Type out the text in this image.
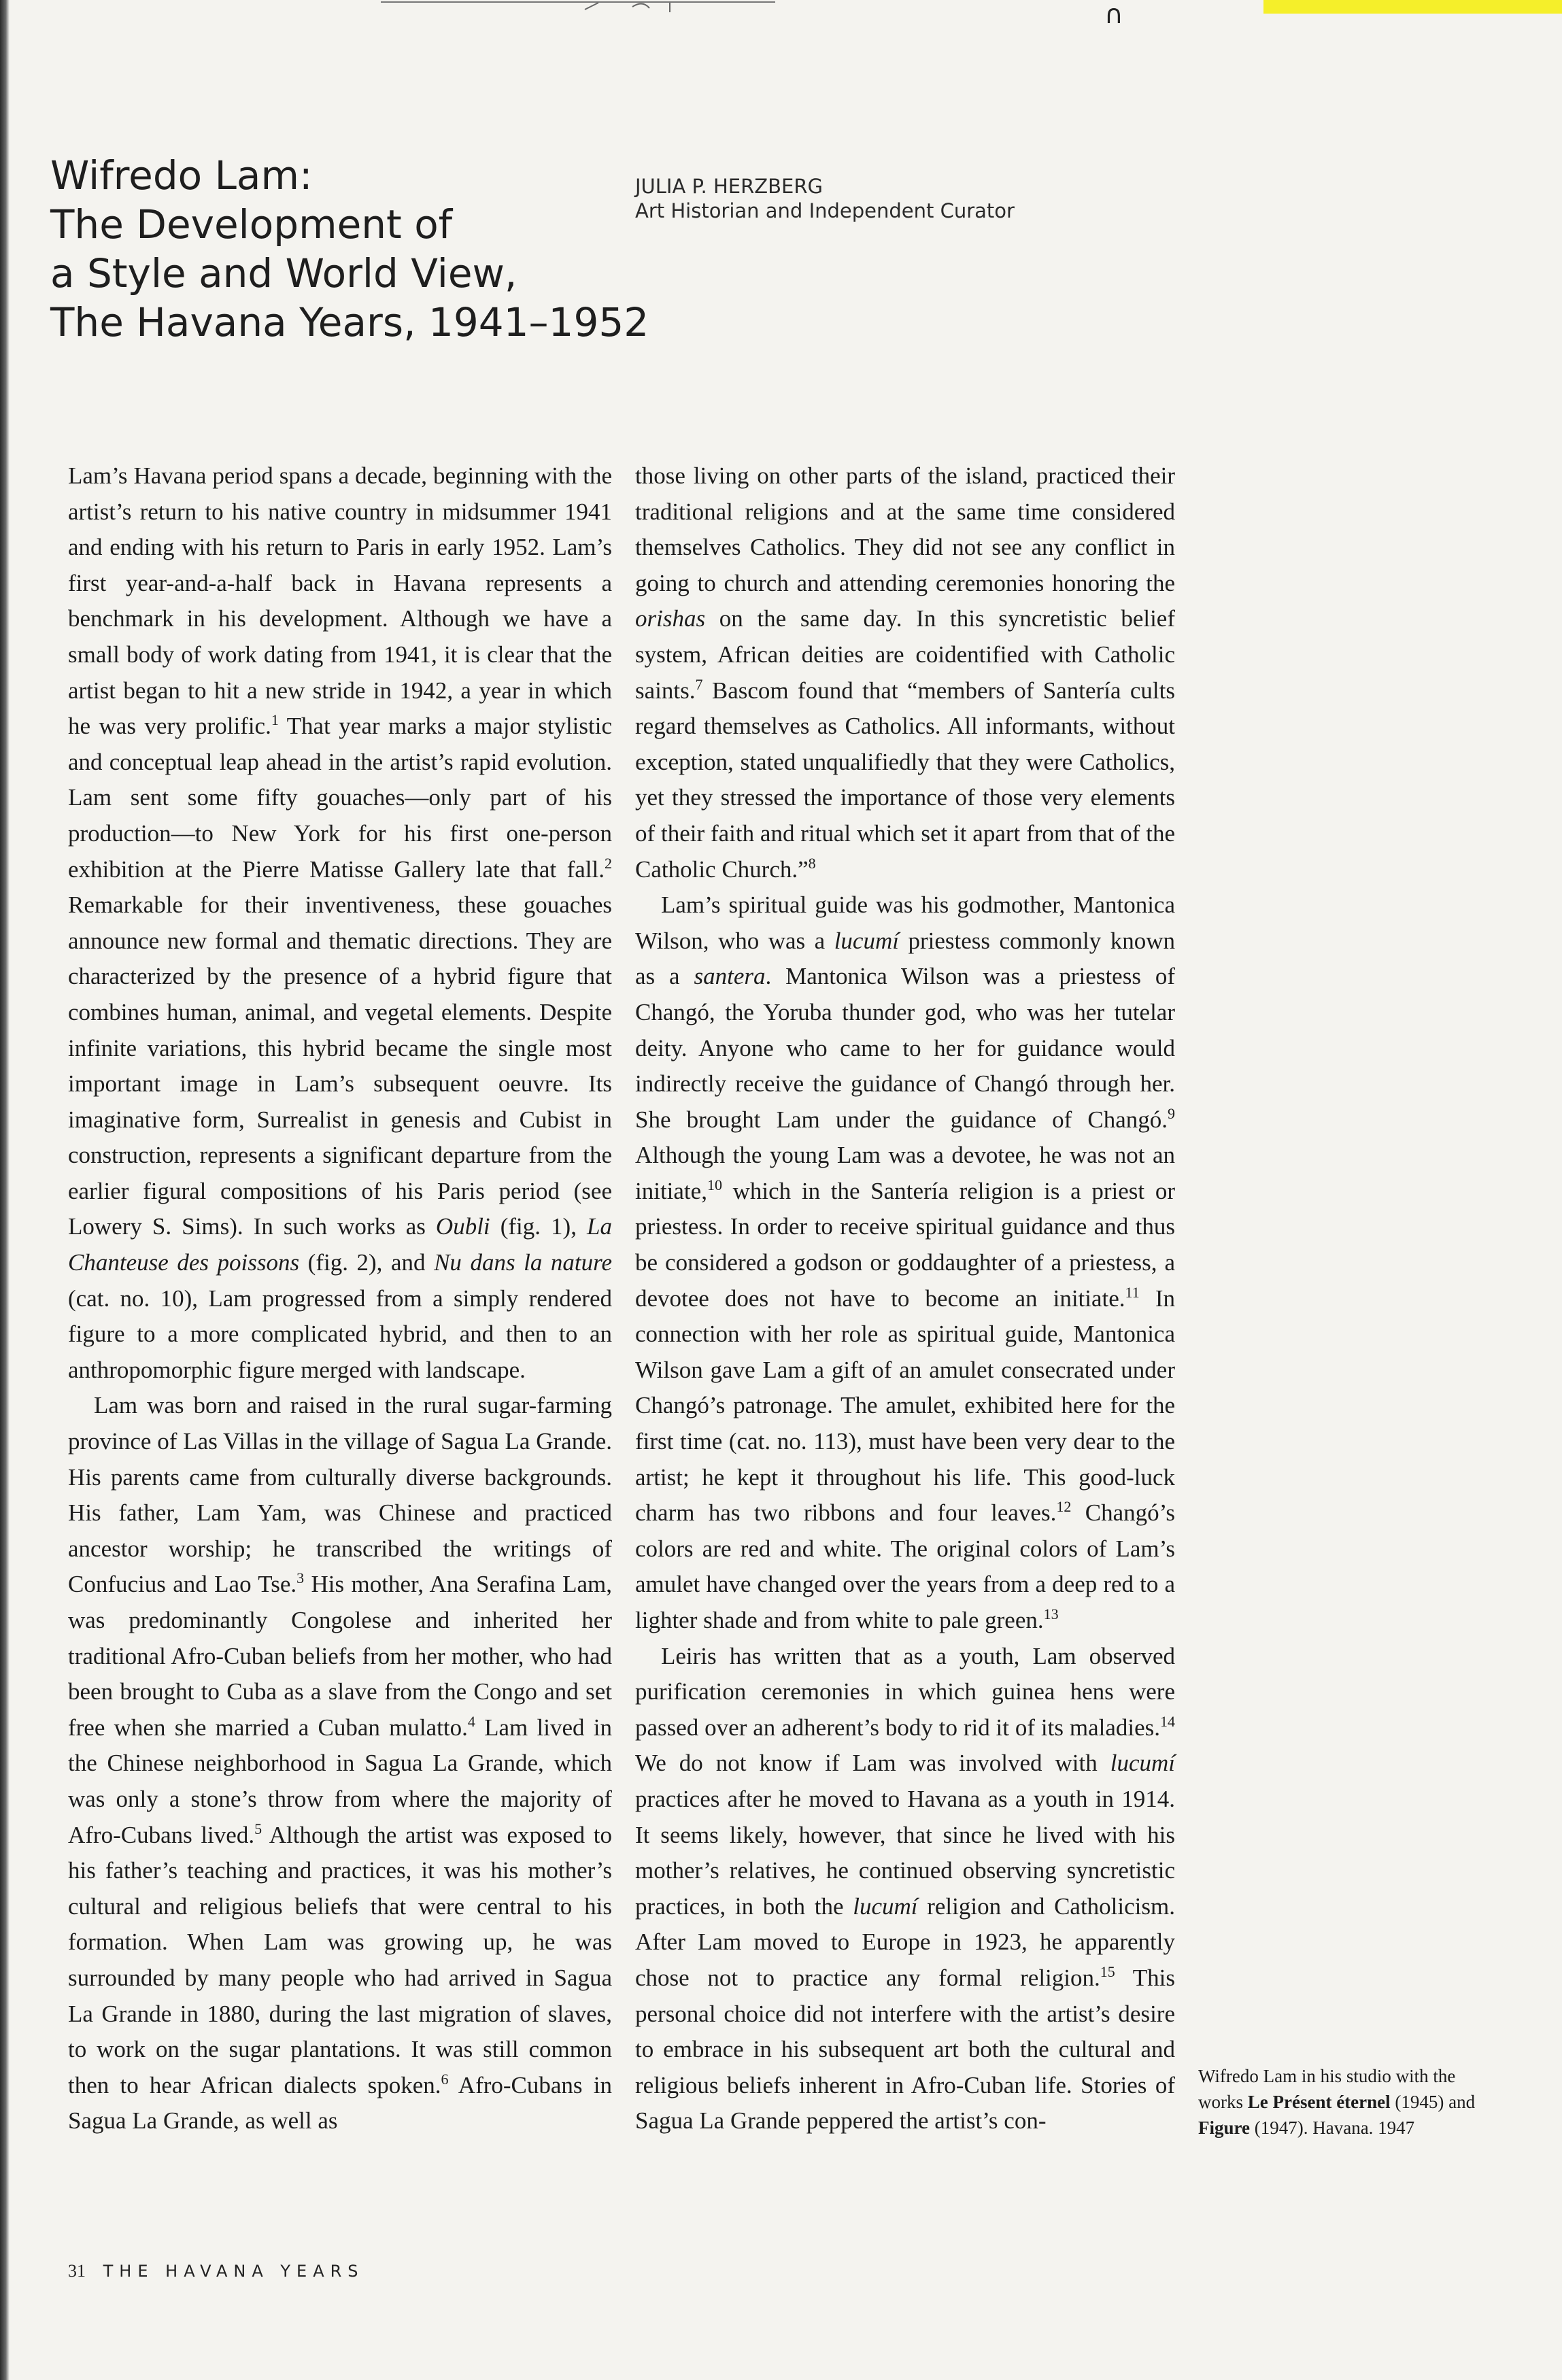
∩
Wifredo Lam:
The Development of
a Style and World View,
The Havana Years, 1941–1952
JULIA P. HERZBERG
Art Historian and Independent Curator

Lam’s Havana period spans a decade, beginning with the artist’s return to his native country in midsummer 1941 and ending with his return to Paris in early 1952. Lam’s first year-and-a-half back in Havana represents a benchmark in his development. Although we have a small body of work dating from 1941, it is clear that the artist began to hit a new stride in 1942, a year in which he was very prolific.$^1$ That year marks a major stylistic and conceptual leap ahead in the artist’s rapid evolution. Lam sent some fifty gouaches—only part of his production—to New York for his first one-person exhibition at the Pierre Matisse Gallery late that fall.$^2$ Remarkable for their inventiveness, these gouaches announce new formal and thematic directions. They are characterized by the presence of a hybrid figure that combines human, animal, and vegetal elements. Despite infinite variations, this hybrid became the single most important image in Lam’s subsequent oeuvre. Its imaginative form, Surrealist in genesis and Cubist in construction, represents a significant departure from the earlier figural compositions of his Paris period (see Lowery S. Sims). In such works as Oubli (fig. 1), La Chanteuse des poissons (fig. 2), and Nu dans la nature (cat. no. 10), Lam progressed from a simply rendered figure to a more complicated hybrid, and then to an anthropomorphic figure merged with landscape.

Lam was born and raised in the rural sugar-farming province of Las Villas in the village of Sagua La Grande. His parents came from culturally diverse backgrounds. His father, Lam Yam, was Chinese and practiced ancestor worship; he transcribed the writings of Confucius and Lao Tse.$^3$ His mother, Ana Serafina Lam, was predominantly Congolese and inherited her traditional Afro-Cuban beliefs from her mother, who had been brought to Cuba as a slave from the Congo and set free when she married a Cuban mulatto.$^4$ Lam lived in the Chinese neighborhood in Sagua La Grande, which was only a stone’s throw from where the majority of Afro-Cubans lived.$^5$ Although the artist was exposed to his father’s teaching and practices, it was his mother’s cultural and religious beliefs that were central to his formation. When Lam was growing up, he was surrounded by many people who had arrived in Sagua La Grande in 1880, during the last migration of slaves, to work on the sugar plantations. It was still common then to hear African dialects spoken.$^6$ Afro-Cubans in Sagua La Grande, as well as

those living on other parts of the island, practiced their traditional religions and at the same time considered themselves Catholics. They did not see any conflict in going to church and attending ceremonies honoring the orishas on the same day. In this syncretistic belief system, African deities are coidentified with Catholic saints.$^7$ Bascom found that “members of Santería cults regard themselves as Catholics. All informants, without exception, stated unqualifiedly that they were Catholics, yet they stressed the importance of those very elements of their faith and ritual which set it apart from that of the Catholic Church.”$^8$

Lam’s spiritual guide was his godmother, Mantonica Wilson, who was a lucumí priestess commonly known as a santera. Mantonica Wilson was a priestess of Changó, the Yoruba thunder god, who was her tutelar deity. Anyone who came to her for guidance would indirectly receive the guidance of Changó through her. She brought Lam under the guidance of Changó.$^9$ Although the young Lam was a devotee, he was not an initiate,$^{10}$ which in the Santería religion is a priest or priestess. In order to receive spiritual guidance and thus be considered a godson or goddaughter of a priestess, a devotee does not have to become an initiate.$^{11}$ In connection with her role as spiritual guide, Mantonica Wilson gave Lam a gift of an amulet consecrated under Changó’s patronage. The amulet, exhibited here for the first time (cat. no. 113), must have been very dear to the artist; he kept it throughout his life. This good-luck charm has two ribbons and four leaves.$^{12}$ Changó’s colors are red and white. The original colors of Lam’s amulet have changed over the years from a deep red to a lighter shade and from white to pale green.$^{13}$

Leiris has written that as a youth, Lam observed purification ceremonies in which guinea hens were passed over an adherent’s body to rid it of its maladies.$^{14}$ We do not know if Lam was involved with lucumí practices after he moved to Havana as a youth in 1914. It seems likely, however, that since he lived with his mother’s relatives, he continued observing syncretistic practices, in both the lucumí religion and Catholicism. After Lam moved to Europe in 1923, he apparently chose not to practice any formal religion.$^{15}$ This personal choice did not interfere with the artist’s desire to embrace in his subsequent art both the cultural and religious beliefs inherent in Afro-Cuban life. Stories of Sagua La Grande peppered the artist’s con-

Wifredo Lam in his studio with the works Le Présent éternel (1945) and Figure (1947). Havana. 1947
31 THE HAVANA YEARS
